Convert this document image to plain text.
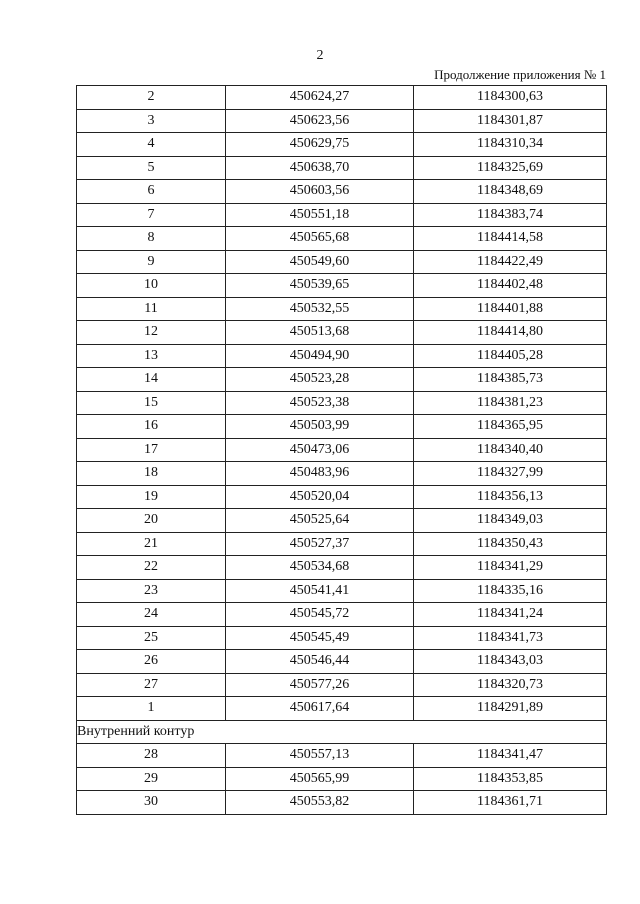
2
Продолжение приложения № 1
2	450624,27	1184300,63
3	450623,56	1184301,87
4	450629,75	1184310,34
5	450638,70	1184325,69
6	450603,56	1184348,69
7	450551,18	1184383,74
8	450565,68	1184414,58
9	450549,60	1184422,49
10	450539,65	1184402,48
11	450532,55	1184401,88
12	450513,68	1184414,80
13	450494,90	1184405,28
14	450523,28	1184385,73
15	450523,38	1184381,23
16	450503,99	1184365,95
17	450473,06	1184340,40
18	450483,96	1184327,99
19	450520,04	1184356,13
20	450525,64	1184349,03
21	450527,37	1184350,43
22	450534,68	1184341,29
23	450541,41	1184335,16
24	450545,72	1184341,24
25	450545,49	1184341,73
26	450546,44	1184343,03
27	450577,26	1184320,73
1	450617,64	1184291,89
Внутренний контур		
28	450557,13	1184341,47
29	450565,99	1184353,85
30	450553,82	1184361,71
